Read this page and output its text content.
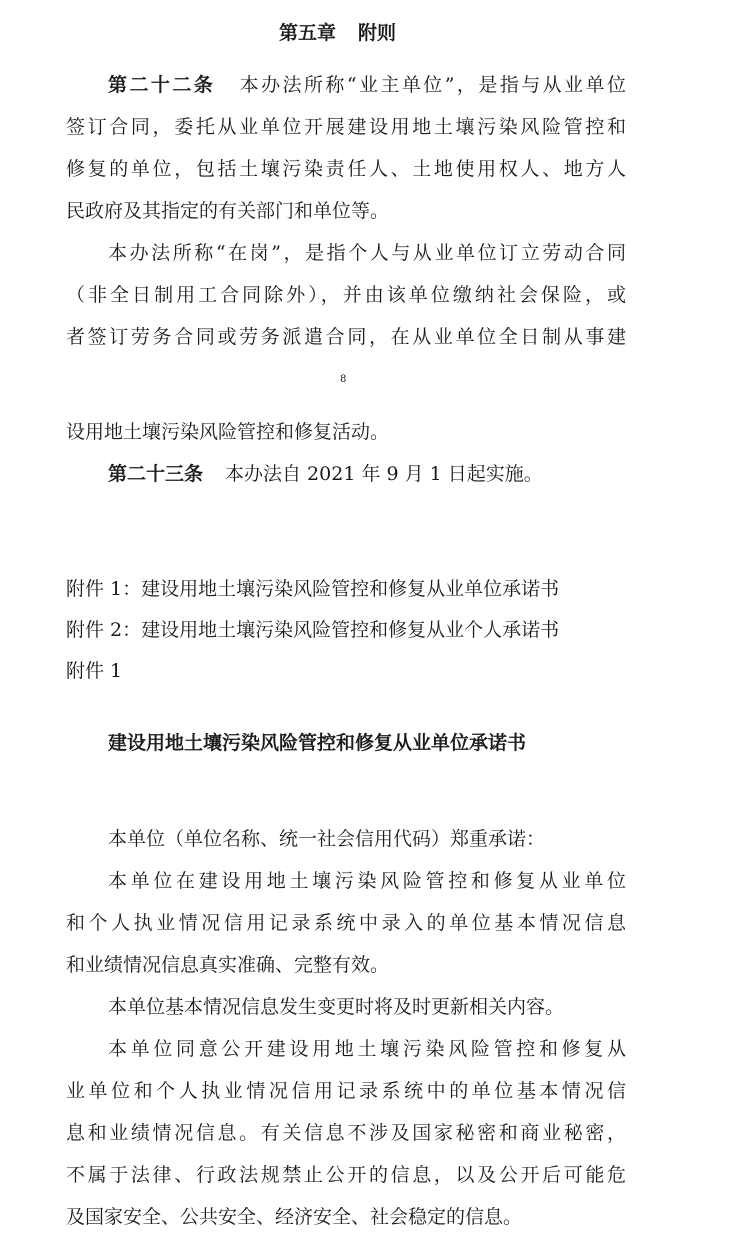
第五章 附则
第二十二条 本办法所称“业主单位”，是指与从业单位
签订合同，委托从业单位开展建设用地土壤污染风险管控和
修复的单位，包括土壤污染责任人、土地使用权人、地方人
民政府及其指定的有关部门和单位等。
本办法所称“在岗”，是指个人与从业单位订立劳动合同
（非全日制用工合同除外），并由该单位缴纳社会保险，或
者签订劳务合同或劳务派遣合同，在从业单位全日制从事建
8
设用地土壤污染风险管控和修复活动。
第二十三条 本办法自 2021 年 9 月 1 日起实施。
附件 1：建设用地土壤污染风险管控和修复从业单位承诺书
附件 2：建设用地土壤污染风险管控和修复从业个人承诺书
附件 1
建设用地土壤污染风险管控和修复从业单位承诺书
本单位（单位名称、统一社会信用代码）郑重承诺：
本单位在建设用地土壤污染风险管控和修复从业单位
和个人执业情况信用记录系统中录入的单位基本情况信息
和业绩情况信息真实准确、完整有效。
本单位基本情况信息发生变更时将及时更新相关内容。
本单位同意公开建设用地土壤污染风险管控和修复从
业单位和个人执业情况信用记录系统中的单位基本情况信
息和业绩情况信息。有关信息不涉及国家秘密和商业秘密，
不属于法律、行政法规禁止公开的信息，以及公开后可能危
及国家安全、公共安全、经济安全、社会稳定的信息。
